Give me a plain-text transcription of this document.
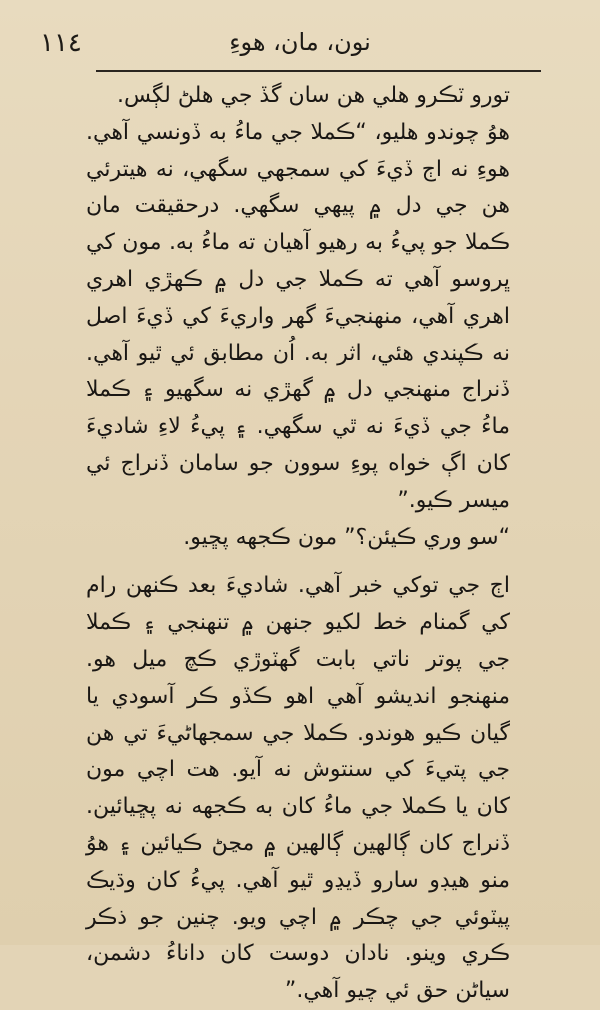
١١٤	نون، مان، هوءِ

تورو ٽڪرو هلي هن سان گڏ جي هلڻ لڳس.

هوُ چوندو هليو، “ڪملا جي ماءُ به ڏونسي آهي. هوءِ نه اڄ ڏيءَ کي سمجهي سگهي، نه هيترئي هن جي دل ۾ پيهي سگهي. درحقيقت مان ڪملا جو پيءُ به رهيو آهيان ته ماءُ به. مون کي ڀروسو آهي ته ڪملا جي دل ۾ ڪهڙي اهري اهري آهي، منهنجيءَ گهر واريءَ کي ڏيءَ اصل نه ڪپندي هئي، اثر به. اُن مطابق ئي ٿيو آهي. ڏنراج منهنجي دل ۾ گهڙي نه سگهيو ۽ ڪملا ماءُ جي ڏيءَ نه ٿي سگهي. ۽ پيءُ لاءِ شاديءَ کان اڳ خواه پوءِ سوون جو سامان ڏنراج ئي ميسر ڪيو.”

“سو وري ڪيئن؟” مون ڪجهه پڇيو.

اڄ جي توکي خبر آهي. شاديءَ بعد ڪنهن رام کي گمنام خط لکيو جنهن ۾ تنهنجي ۽ ڪملا جي پوتر ناتي بابت گهٽوڙي ڪچ ميل هو. منهنجو انديشو آهي اهو ڪڏو ڪر آسودي يا گيان ڪيو هوندو. ڪملا جي سمجهاڻيءَ تي هن جي پتيءَ کي سنتوش نه آيو. هت اچي مون کان يا ڪملا جي ماءُ کان به ڪجهه نه پڇيائين. ڏنراج کان ڳالهين ڳالهين ۾ مڃڻ ڪيائين ۽ هوُ منو هيڊو سارو ڏيڍو ٿيو آهي. پيءُ کان وڌيڪ پيٽوئي جي چڪر ۾ اچي ويو. چنين جو ذڪر ڪري وينو. نادان دوست کان داناءُ دشمن، سياڻن حق ئي چيو آهي.”
